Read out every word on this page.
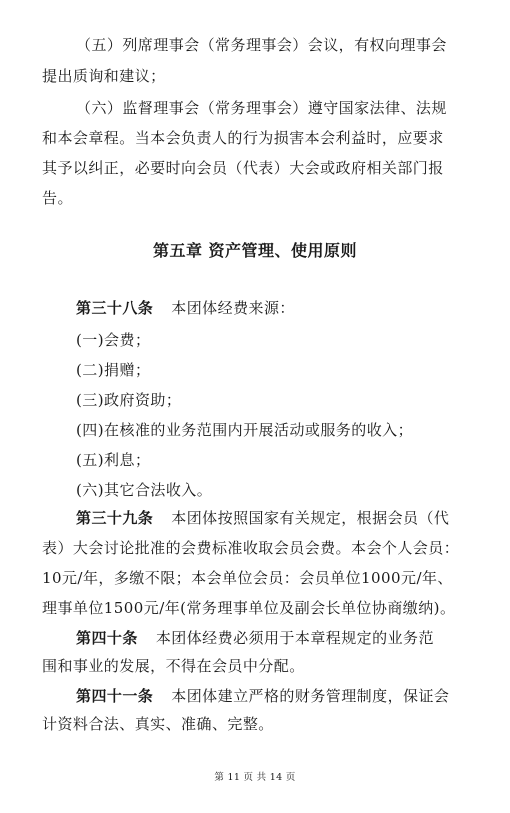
（五）列席理事会（常务理事会）会议，有权向理事会
提出质询和建议；
（六）监督理事会（常务理事会）遵守国家法律、法规
和本会章程。当本会负责人的行为损害本会利益时，应要求
其予以纠正，必要时向会员（代表）大会或政府相关部门报
告。
第五章 资产管理、使用原则
第三十八条 本团体经费来源：
(一)会费；
(二)捐赠；
(三)政府资助；
(四)在核准的业务范围内开展活动或服务的收入；
(五)利息；
(六)其它合法收入。
第三十九条 本团体按照国家有关规定，根据会员（代
表）大会讨论批准的会费标准收取会员会费。本会个人会员：
10元/年，多缴不限；本会单位会员：会员单位1000元/年、
理事单位1500元/年(常务理事单位及副会长单位协商缴纳)。
第四十条 本团体经费必须用于本章程规定的业务范
围和事业的发展，不得在会员中分配。
第四十一条 本团体建立严格的财务管理制度，保证会
计资料合法、真实、准确、完整。
第 11 页 共 14 页
